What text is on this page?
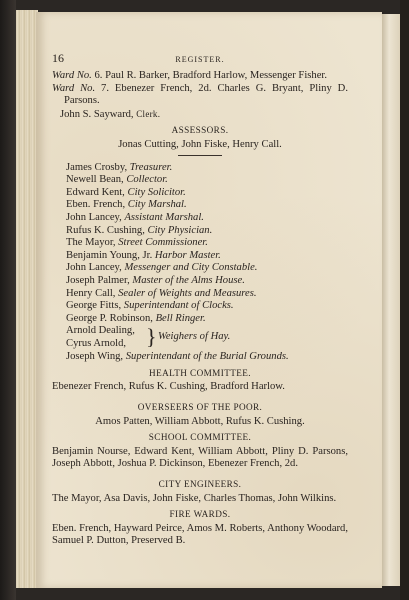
16	REGISTER.

Ward No. 6. Paul R. Barker, Bradford Harlow, Messenger Fisher.

Ward No. 7. Ebenezer French, 2d. Charles G. Bryant, Pliny D. Parsons.

John S. Sayward, Clerk.

ASSESSORS.
Jonas Cutting, John Fiske, Henry Call.

James Crosby, Treasurer.

Newell Bean, Collector.

Edward Kent, City Solicitor.

Eben. French, City Marshal.

John Lancey, Assistant Marshal.

Rufus K. Cushing, City Physician.

The Mayor, Street Commissioner.

Benjamin Young, Jr. Harbor Master.

John Lancey, Messenger and City Constable.

Joseph Palmer, Master of the Alms House.

Henry Call, Sealer of Weights and Measures.

George Fitts, Superintendant of Clocks.

George P. Robinson, Bell Ringer.

Arnold Dealing,
Cyrus Arnold, } Weighers of Hay.

Joseph Wing, Superintendant of the Burial Grounds.

HEALTH COMMITTEE.

Ebenezer French, Rufus K. Cushing, Bradford Harlow.

OVERSEERS OF THE POOR.
Amos Patten, William Abbott, Rufus K. Cushing.
SCHOOL COMMITTEE.

Benjamin Nourse, Edward Kent, William Abbott, Pliny D. Parsons, Joseph Abbott, Joshua P. Dickinson, Ebenezer French, 2d.

CITY ENGINEERS.

The Mayor, Asa Davis, John Fiske, Charles Thomas, John Wilkins.

FIRE WARDS.

Eben. French, Hayward Peirce, Amos M. Roberts, Anthony Woodard, Samuel P. Dutton, Preserved B.
